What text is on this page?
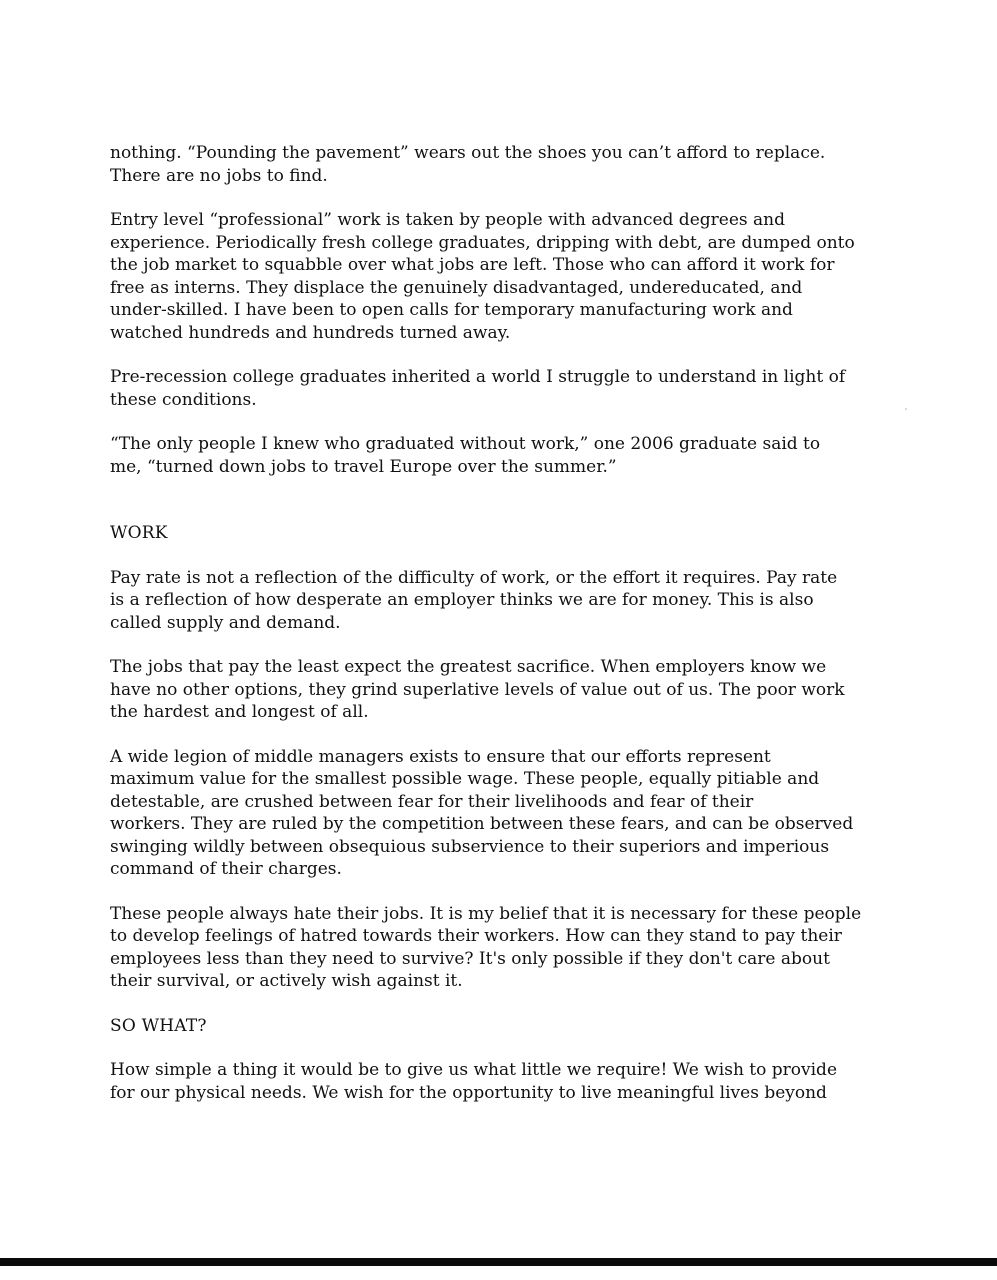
nothing. “Pounding the pavement” wears out the shoes you can’t afford to replace.
There are no jobs to find.

Entry level “professional” work is taken by people with advanced degrees and
experience. Periodically fresh college graduates, dripping with debt, are dumped onto
the job market to squabble over what jobs are left. Those who can afford it work for
free as interns. They displace the genuinely disadvantaged, undereducated, and
under-skilled. I have been to open calls for temporary manufacturing work and
watched hundreds and hundreds turned away.

Pre-recession college graduates inherited a world I struggle to understand in light of
these conditions.

“The only people I knew who graduated without work,” one 2006 graduate said to
me, “turned down jobs to travel Europe over the summer.”

WORK

Pay rate is not a reflection of the difficulty of work, or the effort it requires. Pay rate
is a reflection of how desperate an employer thinks we are for money. This is also
called supply and demand.

The jobs that pay the least expect the greatest sacrifice. When employers know we
have no other options, they grind superlative levels of value out of us. The poor work
the hardest and longest of all.

A wide legion of middle managers exists to ensure that our efforts represent
maximum value for the smallest possible wage. These people, equally pitiable and
detestable, are crushed between fear for their livelihoods and fear of their
workers. They are ruled by the competition between these fears, and can be observed
swinging wildly between obsequious subservience to their superiors and imperious
command of their charges.

These people always hate their jobs. It is my belief that it is necessary for these people
to develop feelings of hatred towards their workers. How can they stand to pay their
employees less than they need to survive? It's only possible if they don't care about
their survival, or actively wish against it.

SO WHAT?

How simple a thing it would be to give us what little we require! We wish to provide
for our physical needs. We wish for the opportunity to live meaningful lives beyond
